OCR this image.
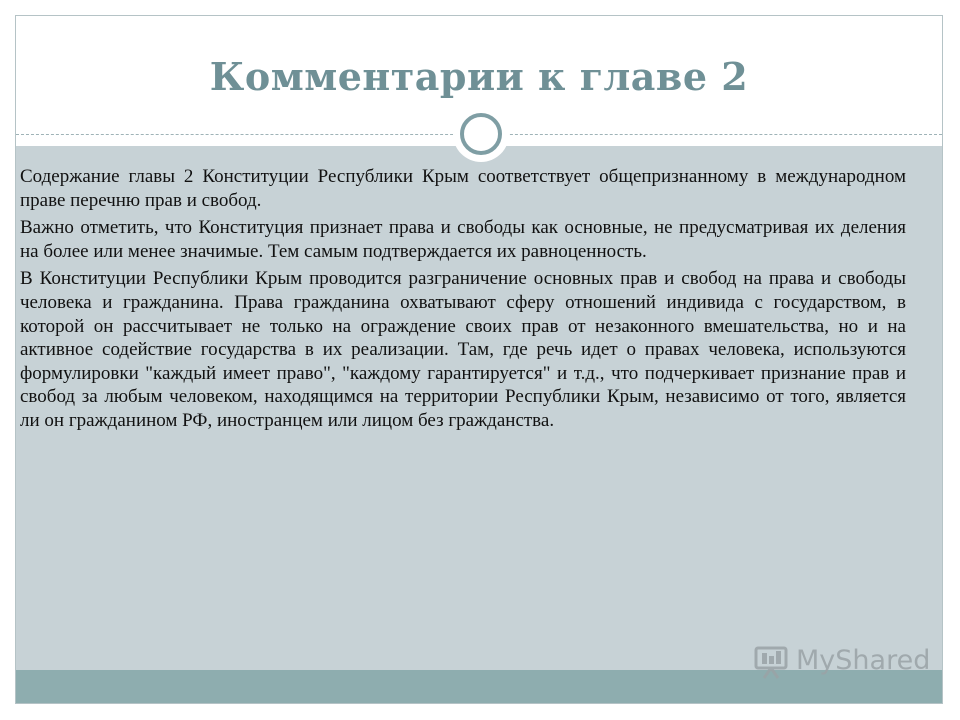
Комментарии к главе 2

Содержание главы 2 Конституции Республики Крым соответствует общепризнанному в международном праве перечню прав и свобод.

Важно отметить, что Конституция признает права и свободы как основные, не предусматривая их деления на более или менее значимые. Тем самым подтверждается их равноценность.

В Конституции Республики Крым проводится разграничение основных прав и свобод на права и свободы человека и гражданина. Права гражданина охватывают сферу отношений индивида с государством, в которой он рассчитывает не только на ограждение своих прав от незаконного вмешательства, но и на активное содействие государства в их реализации. Там, где речь идет о правах человека, используются формулировки "каждый имеет право", "каждому гарантируется" и т.д., что подчеркивает признание прав и свобод за любым человеком, находящимся на территории Республики Крым, независимо от того, является ли он гражданином РФ, иностранцем или лицом без гражданства.

MyShared
